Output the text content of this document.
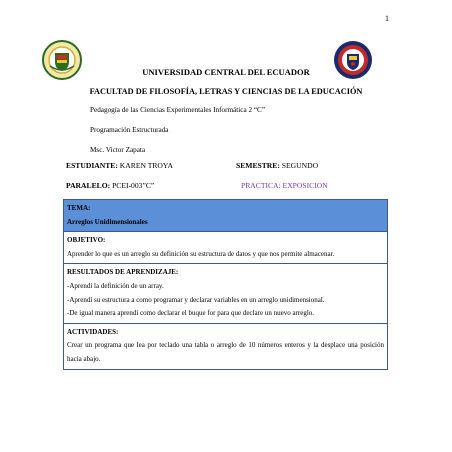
1
UNIVERSIDAD CENTRAL DEL ECUADOR
FACULTAD DE FILOSOFÍA, LETRAS Y CIENCIAS DE LA EDUCACIÓN
Pedagogía de las Ciencias Experimentales Informática 2 “C”
Programación Estructurada
Msc. Victor Zapata
ESTUDIANTE: KAREN TROYA	SEMESTRE: SEGUNDO
PARALELO: PCEI-003”C”	PRACTICA: EXPOSICION
TEMA:
Arreglos Unidimensionales

OBJETIVO:
Aprender lo que es un arreglo su definición su estructura de datos y que nos permite almacenar.

RESULTADOS DE APRENDIZAJE:
-Aprendí la definición de un array.
-Aprendí su estructura a como programar y declarar variables en un arreglo unidimensional.
-De igual manera aprendí como declarar el buque for para que declare un nuevo arreglo.

ACTIVIDADES:
Crear un programa que lea por teclado una tabla o arreglo de 10 números enteros y la desplace una posición hacia abajo.
